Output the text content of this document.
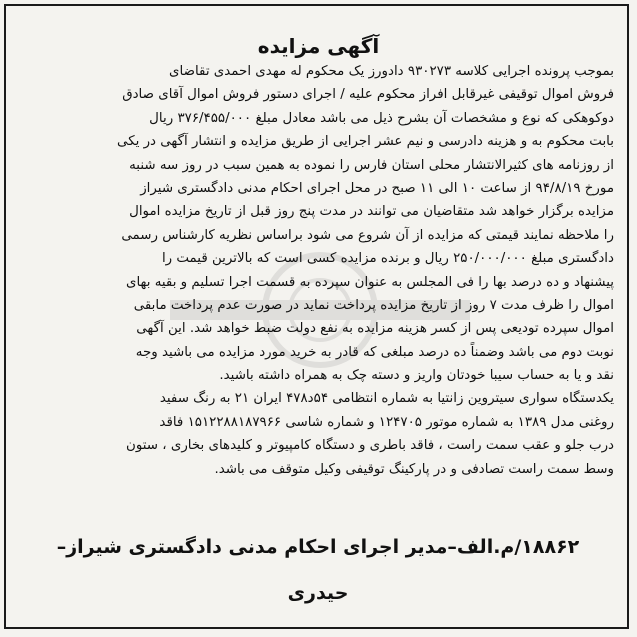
آگهی مزایده
بموجب پرونده اجرایی کلاسه ۹۳۰۲۷۳ دادورز یک محکوم له مهدی احمدی تقاضای
فروش اموال توقیفی غیرقابل افراز محکوم علیه / اجرای دستور فروش اموال آقای صادق
دوکوهکی که نوع و مشخصات آن بشرح ذیل می باشد معادل مبلغ ۳۷۶/۴۵۵/۰۰۰ ریال
بابت محکوم به و هزینه دادرسی و نیم عشر اجرایی از طریق مزایده و انتشار آگهی در یکی
از روزنامه های کثیرالانتشار محلی استان فارس را نموده به همین سبب در روز سه شنبه
مورخ ۹۴/۸/۱۹ از ساعت ۱۰ الی ۱۱ صبح در محل اجرای احکام مدنی دادگستری شیراز
مزایده برگزار خواهد شد متقاضیان می توانند در مدت پنج روز قبل از تاریخ مزایده اموال
را ملاحظه نمایند قیمتی که مزایده از آن شروع می شود براساس نظریه کارشناس رسمی
دادگستری مبلغ ۲۵۰/۰۰۰/۰۰۰ ریال و برنده مزایده کسی است که بالاترین قیمت را
پیشنهاد و ده درصد بها را فی المجلس به عنوان سپرده به قسمت اجرا تسلیم و بقیه بهای
اموال را ظرف مدت ۷ روز از تاریخ مزایده پرداخت نماید در صورت عدم پرداخت مابقی
اموال سپرده تودیعی پس از کسر هزینه مزایده به نفع دولت ضبط خواهد شد. این آگهی
نوبت دوم می باشد وضمناً ده درصد مبلغی که قادر به خرید مورد مزایده می باشید وجه
نقد و یا به حساب سیبا خودتان واریز و دسته چک به همراه داشته باشید.
یکدستگاه سواری سیتروین زانتیا به شماره انتظامی ۵۴د۴۷۸ ایران ۲۱ به رنگ سفید
روغنی مدل ۱۳۸۹ به شماره موتور ۱۲۴۷۰۵ و شماره شاسی ۱۵۱۲۲۸۸۱۸۷۹۶۶ فاقد
درب جلو و عقب سمت راست ، فاقد باطری و دستگاه کامپیوتر و کلیدهای بخاری ، ستون
وسط سمت راست تصادفی و در پارکینگ توقیفی وکیل متوقف می باشد.
۱۸۸۶۲/م.الف–مدیر اجرای احکام مدنی دادگستری شیراز–
حیدری
